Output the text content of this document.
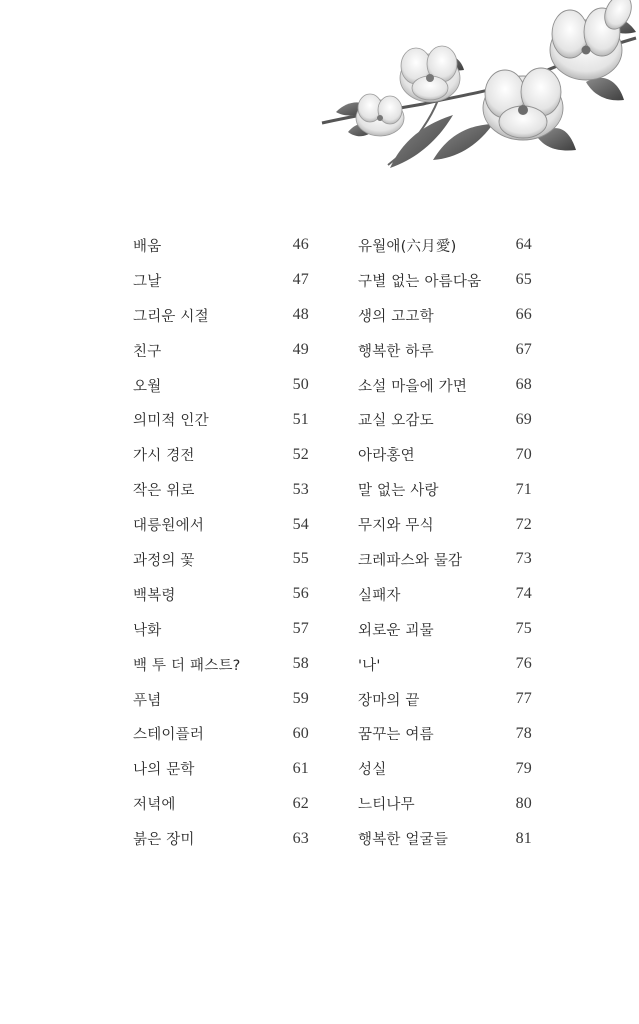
배움	46
그날	47
그리운 시절	48
친구	49
오월	50
의미적 인간	51
가시 경전	52
작은 위로	53
대릉원에서	54
과정의 꽃	55
백복령	56
낙화	57
백 투 더 패스트?	58
푸념	59
스테이플러	60
나의 문학	61
저녁에	62
붉은 장미	63
유월애(六月愛)	64
구별 없는 아름다움 65
생의 고고학	66
행복한 하루	67
소설 마을에 가면	68
교실 오감도	69
아라홍연	70
말 없는 사랑	71
무지와 무식	72
크레파스와 물감	73
실패자	74
외로운 괴물	75
'나'	76
장마의 끝	77
꿈꾸는 여름	78
성실	79
느티나무	80
행복한 얼굴들	81
